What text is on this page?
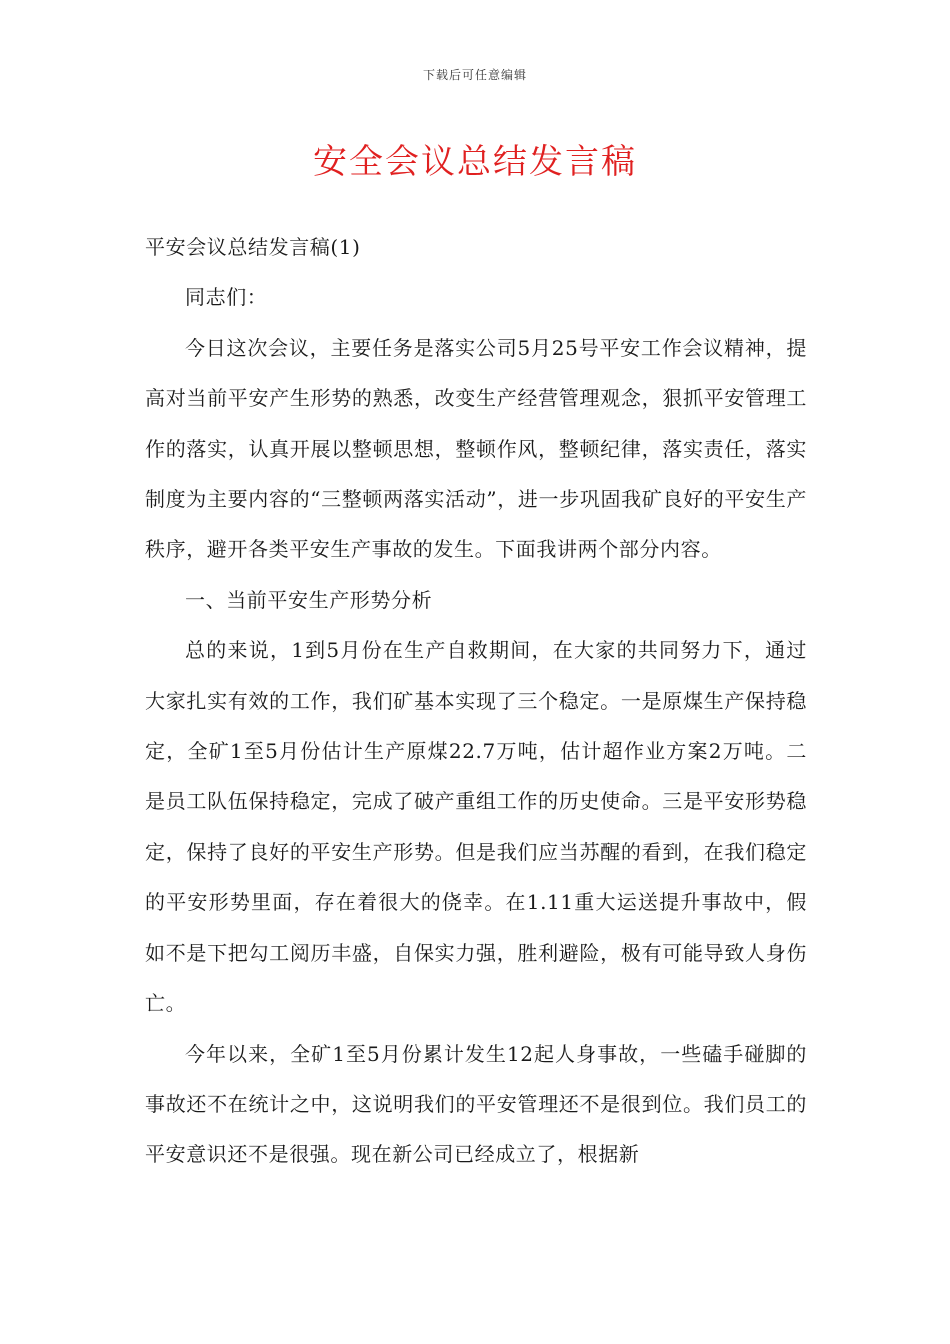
下载后可任意编辑
安全会议总结发言稿

平安会议总结发言稿(1)

同志们：

今日这次会议，主要任务是落实公司5月25号平安工作会议精神，提高对当前平安产生形势的熟悉，改变生产经营管理观念，狠抓平安管理工作的落实，认真开展以整顿思想，整顿作风，整顿纪律，落实责任，落实制度为主要内容的“三整顿两落实活动”，进一步巩固我矿良好的平安生产秩序，避开各类平安生产事故的发生。下面我讲两个部分内容。

一、当前平安生产形势分析

总的来说，1到5月份在生产自救期间，在大家的共同努力下，通过大家扎实有效的工作，我们矿基本实现了三个稳定。一是原煤生产保持稳定，全矿1至5月份估计生产原煤22.7万吨，估计超作业方案2万吨。二是员工队伍保持稳定，完成了破产重组工作的历史使命。三是平安形势稳定，保持了良好的平安生产形势。但是我们应当苏醒的看到，在我们稳定的平安形势里面，存在着很大的侥幸。在1.11重大运送提升事故中，假如不是下把勾工阅历丰盛，自保实力强，胜利避险，极有可能导致人身伤亡。

今年以来，全矿1至5月份累计发生12起人身事故，一些磕手碰脚的事故还不在统计之中，这说明我们的平安管理还不是很到位。我们员工的平安意识还不是很强。现在新公司已经成立了，根据新
